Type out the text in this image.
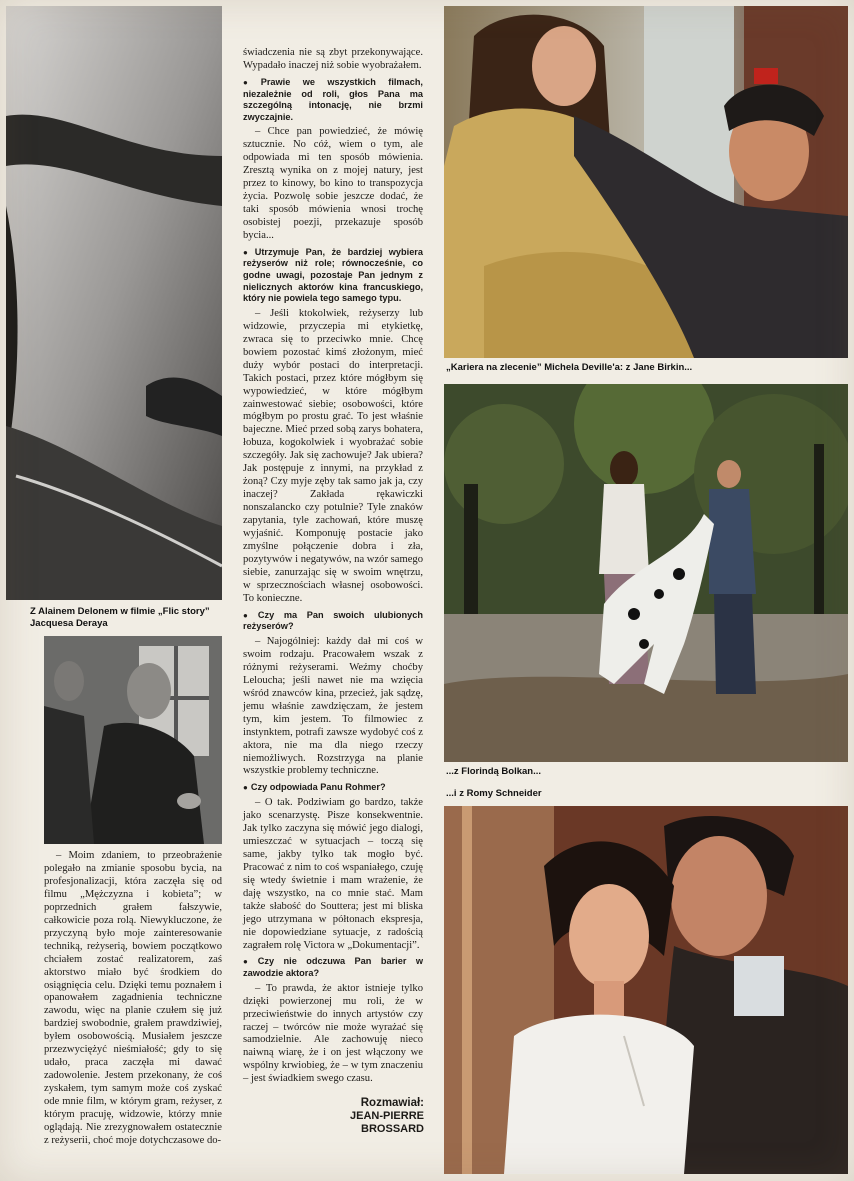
Z Alainem Delonem w filmie „Flic story” Jacquesa Deraya

– Moim zdaniem, to przeobrażenie polegało na zmianie sposobu bycia, na profesjonalizacji, która zaczęła się od filmu „Mężczyzna i kobieta”; w poprzednich grałem fałszywie, całkowicie poza rolą. Niewykluczone, że przyczyną było moje zainteresowanie techniką, reżyserią, bowiem początkowo chciałem zostać realizatorem, zaś aktorstwo miało być środkiem do osiągnięcia celu. Dzięki temu poznałem i opanowałem zagadnienia techniczne zawodu, więc na planie czułem się już bardziej swobodnie, grałem prawdziwiej, byłem osobowością. Musiałem jeszcze przezwyciężyć nieśmiałość; gdy to się udało, praca zaczęła mi dawać zadowolenie. Jestem przekonany, że coś zyskałem, tym samym może coś zyskać ode mnie film, w którym gram, reżyser, z którym pracuję, widzowie, którzy mnie oglądają. Nie zrezygnowałem ostatecznie z reżyserii, choć moje dotychczasowe do-

świadczenia nie są zbyt przekonywające. Wypadało inaczej niż sobie wyobrażałem.

● Prawie we wszystkich filmach, niezależnie od roli, głos Pana ma szczególną intonację, nie brzmi zwyczajnie.

– Chce pan powiedzieć, że mówię sztucznie. No cóż, wiem o tym, ale odpowiada mi ten sposób mówienia. Zresztą wynika on z mojej natury, jest przez to kinowy, bo kino to transpozycja życia. Pozwolę sobie jeszcze dodać, że taki sposób mówienia wnosi trochę osobistej poezji, przekazuje sposób bycia...

● Utrzymuje Pan, że bardziej wybiera reżyserów niż role; równocześnie, co godne uwagi, pozostaje Pan jednym z nielicznych aktorów kina francuskiego, który nie powiela tego samego typu.

– Jeśli ktokolwiek, reżyserzy lub widzowie, przyczepia mi etykietkę, zwraca się to przeciwko mnie. Chcę bowiem pozostać kimś złożonym, mieć duży wybór postaci do interpretacji. Takich postaci, przez które mógłbym się wypowiedzieć, w które mógłbym zainwestować siebie; osobowości, które mógłbym po prostu grać. To jest właśnie bajeczne. Mieć przed sobą zarys bohatera, łobuza, kogokolwiek i wyobrażać sobie szczegóły. Jak się zachowuje? Jak ubiera? Jak postępuje z innymi, na przykład z żoną? Czy myje zęby tak samo jak ja, czy inaczej? Zakłada rękawiczki nonszalancko czy potulnie? Tyle znaków zapytania, tyle zachowań, które muszę wyjaśnić. Komponuję postacie jako zmyślne połączenie dobra i zła, pozytywów i negatywów, na wzór samego siebie, zanurzając się w swoim wnętrzu, w sprzecznościach własnej osobowości. To konieczne.

● Czy ma Pan swoich ulubionych reżyserów?

– Najogólniej: każdy dał mi coś w swoim rodzaju. Pracowałem wszak z różnymi reżyserami. Weźmy choćby Leloucha; jeśli nawet nie ma wzięcia wśród znawców kina, przecież, jak sądzę, jemu właśnie zawdzięczam, że jestem tym, kim jestem. To filmowiec z instynktem, potrafi zawsze wydobyć coś z aktora, nie ma dla niego rzeczy niemożliwych. Rozstrzyga na planie wszystkie problemy techniczne.

● Czy odpowiada Panu Rohmer?

– O tak. Podziwiam go bardzo, także jako scenarzystę. Pisze konsekwentnie. Jak tylko zaczyna się mówić jego dialogi, umieszczać w sytuacjach – toczą się same, jakby tylko tak mogło być. Pracować z nim to coś wspaniałego, czuję się wtedy świetnie i mam wrażenie, że daję wszystko, na co mnie stać. Mam także słabość do Souttera; jest mi bliska jego utrzymana w półtonach ekspresja, nie dopowiedziane sytuacje, z radością zagrałem rolę Victora w „Dokumentacji”.

● Czy nie odczuwa Pan barier w zawodzie aktora?

– To prawda, że aktor istnieje tylko dzięki powierzonej mu roli, że w przeciwieństwie do innych artystów czy raczej – twórców nie może wyrażać się samodzielnie. Ale zachowuję nieco naiwną wiarę, że i on jest włączony we wspólny krwiobieg, że – w tym znaczeniu – jest świadkiem swego czasu.

Rozmawiał:
JEAN-PIERRE
BROSSARD
„Kariera na zlecenie” Michela Deville'a: z Jane Birkin...
...z Florindą Bolkan...
...i z Romy Schneider
